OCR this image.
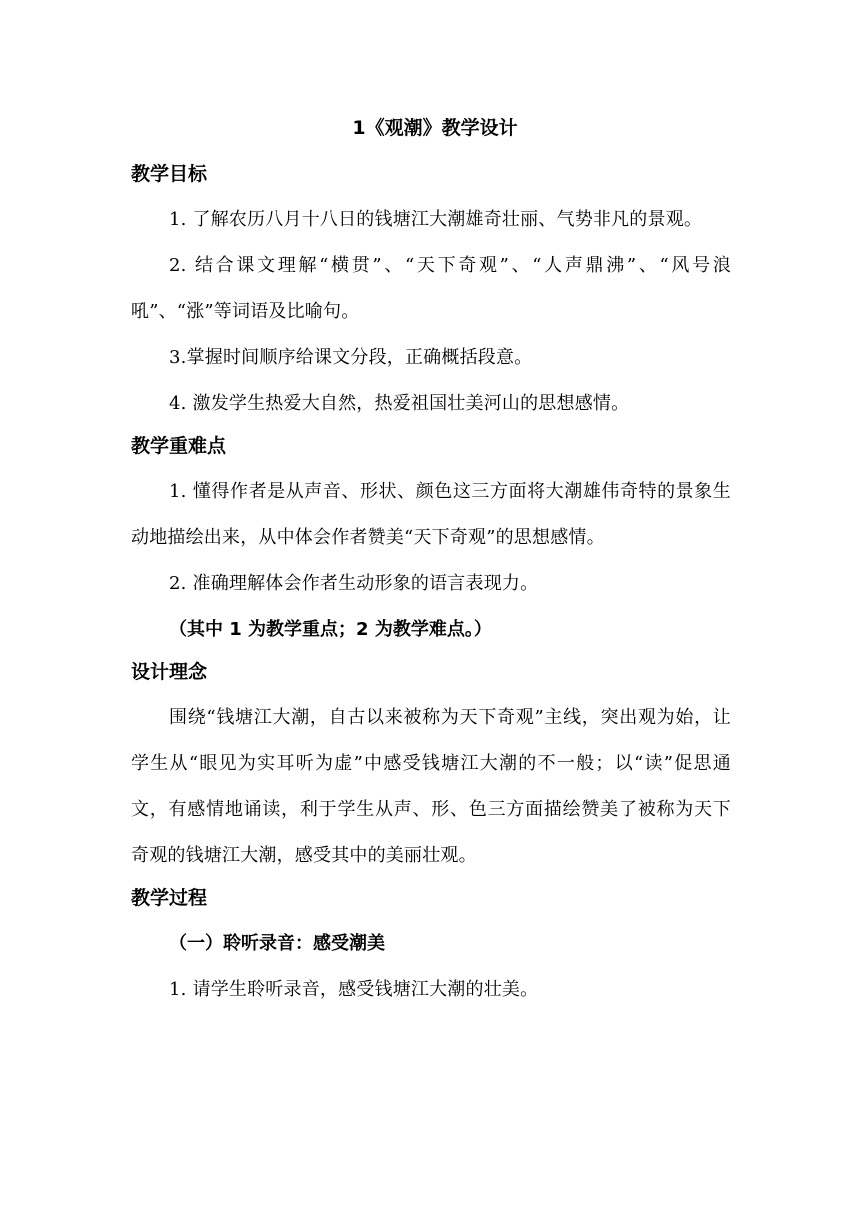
1《观潮》教学设计
教学目标

1. 了解农历八月十八日的钱塘江大潮雄奇壮丽、气势非凡的景观。

2. 结合课文理解“横贯”、“天下奇观”、“人声鼎沸”、“风号浪吼”、“涨”等词语及比喻句。

3.掌握时间顺序给课文分段，正确概括段意。

4. 激发学生热爱大自然，热爱祖国壮美河山的思想感情。

教学重难点

1. 懂得作者是从声音、形状、颜色这三方面将大潮雄伟奇特的景象生动地描绘出来，从中体会作者赞美“天下奇观”的思想感情。

2. 准确理解体会作者生动形象的语言表现力。

（其中 1 为教学重点；2 为教学难点。）
设计理念

围绕“钱塘江大潮，自古以来被称为天下奇观”主线，突出观为始，让学生从“眼见为实耳听为虚”中感受钱塘江大潮的不一般；以“读”促思通文，有感情地诵读，利于学生从声、形、色三方面描绘赞美了被称为天下奇观的钱塘江大潮，感受其中的美丽壮观。

教学过程
（一）聆听录音：感受潮美

1. 请学生聆听录音，感受钱塘江大潮的壮美。
